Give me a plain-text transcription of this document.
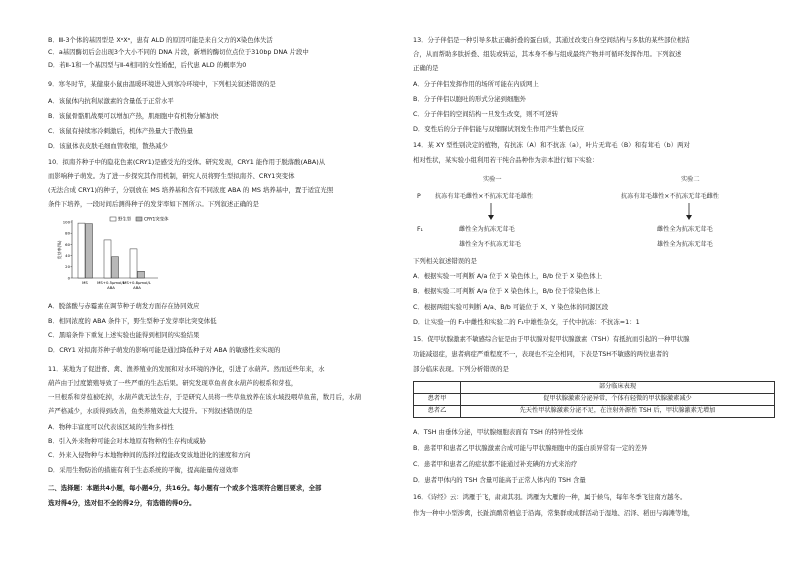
B．Ⅲ-3个体的基因型是 XᵃXᵃ，患有 ALD 的原因可能是来自父方的X染色体失活
C．a基因酶切后会出现3个大小不同的 DNA 片段，新增的酶切位点位于310bp DNA 片段中
D．若Ⅱ-1和一个基因型与Ⅱ-4相同的女性婚配，后代患 ALD 的概率为0
9．寒冬时节，某健康小鼠由温暖环境进入到寒冷环境中，下列相关叙述错误的是
A．该鼠体内抗利尿激素的含量低于正常水平
B．该鼠骨骼肌战栗可以增加产热，肌细胞中有机物分解加快
C．该鼠有持续寒冷刺激后，机体产热量大于散热量
D．该鼠体表皮肤毛细血管收缩，散热减少
10．拟南芥种子中的隐花色素(CRY1)是感受光的受体。研究发现，CRY1 能作用于脱落酸(ABA)从
而影响种子萌发。为了进一步探究其作用机制，研究人员将野生型拟南芥、CRY1突变体
(无法合成 CRY1)的种子，分别放在 MS 培养基和含有不同浓度 ABA 的 MS 培养基中，置于适宜光照
条件下培养，一段时间后测得种子的发芽率如下图所示。下列叙述正确的是
A．脱落酸与赤霉素在调节种子萌发方面存在协同效应
B．相同浓度的 ABA 条件下，野生型种子发芽率比突变体低
C．黑暗条件下重复上述实验也能得到相同的实验结果
D．CRY1 对拟南芥种子萌发的影响可能是通过降低种子对 ABA 的敏感性来实现的
11．某地为了促进畜、禽、渔养殖业的发展和对水环境的净化，引进了水葫芦。然而近些年来，水
葫芦由于过度繁殖导致了一些严重的生态后果。研究发现草鱼喜食水葫芦的根系和芽苞，
一旦根系和芽苞被吃掉，水葫芦就无法生存，于是研究人员将一些草鱼放养在该水域投喂草鱼苗，数月后，水葫
芦严格减少，水质得到改善，鱼类养殖效益大大提升。下列叙述错误的是
A．物种丰富度可以代表该区域的生物多样性
B．引入外来物种可能会对本地原有物种的生存构成威胁
C．外来入侵物种与本地物种间的选择过程能改变该地进化的速度和方向
D．采用生物防治的措施有利于生态系统的平衡，提高能量传递效率
二、选择题：本题共4小题，每小题4分，共16分。每小题有一个或多个选项符合题目要求，全部
选对得4分，选对但不全的得2分，有选错的得0分。
发芽率(%)
100
80
60
40
20
0
MS MS+0.5μmol/L
ABA
MS+0.8μmol/L
ABA
野生型	CRY1突变体
13．分子伴侣是一种引导多肽正确折叠的蛋白质，其通过改变自身空间结构与多肽的某些部位相结
合，从而帮助多肽折叠、组装或转运，其本身不参与组成最终产物并可循环发挥作用。下列叙述
正确的是
A．分子伴侣发挥作用的场所可能在内质网上
B．分子伴侣以胞吐的形式分泌到细胞外
C．分子伴侣的空间结构一旦发生改变，则不可逆转
D．变性后的分子伴侣能与双缩脲试剂发生作用产生紫色反应
14．某 XY 型性别决定的植物，有抗冻（A）和不抗冻（a），叶片无茸毛（B）和有茸毛（b）两对
相对性状，某实验小组利用若干纯合品种作为亲本进行如下实验：
实验一	实验二
P 抗冻有茸毛雌性×不抗冻无茸毛雄性	抗冻有茸毛雄性×不抗冻无茸毛雌性
F₁	雌性全为抗冻无茸毛
雄性全为不抗冻无茸毛
雌性全为抗冻无茸毛
雄性全为抗冻无茸毛
下列相关叙述错误的是
A．根据实验一可判断 A/a 位于 X 染色体上，B/b 位于 X 染色体上
B．根据实验二可判断 A/a 位于 X 染色体上，B/b 位于常染色体上
C．根据两组实验可判断 A/a、B/b 可能位于 X、Y 染色体的同源区段
D．让实验一的 F₁中雌性和实验二的 F₁中雄性杂交，子代中抗冻：不抗冻=1：1
15．促甲状腺激素不敏感综合征是由于甲状腺对促甲状腺激素（TSH）有抵抗而引起的一种甲状腺
功能减退症，患者病症严重程度不一，表现也不完全相同，下表是TSH不敏感的两位患者的
部分临床表现。下列分析错误的是
	部分临床表现
患者甲	促甲状腺激素分泌异常，个体有轻微的甲状腺激素减少
患者乙	先天性甲状腺激素分泌不足，在注射外源性 TSH 后，甲状腺激素无增加
A．TSH 由垂体分泌，甲状腺细胞表面有 TSH 的特异性受体
B．患者甲和患者乙甲状腺激素合成可能与甲状腺细胞中的蛋白质异常有一定的差异
C．患者甲和患者乙的症状都不能通过补充碘的方式来治疗
D．患者甲体内的 TSH 含量可能高于正常人体内的 TSH 含量
16．《诗经》云：鸿雁于飞，肃肃其羽。鸿雁为大雁的一种，属于候鸟，每年冬季飞往南方越冬。
作为一种中小型涉禽，长趾滨鹬常栖息于沿海，常集群或成群活动于湿地、沼泽、稻田与海滩等地，
